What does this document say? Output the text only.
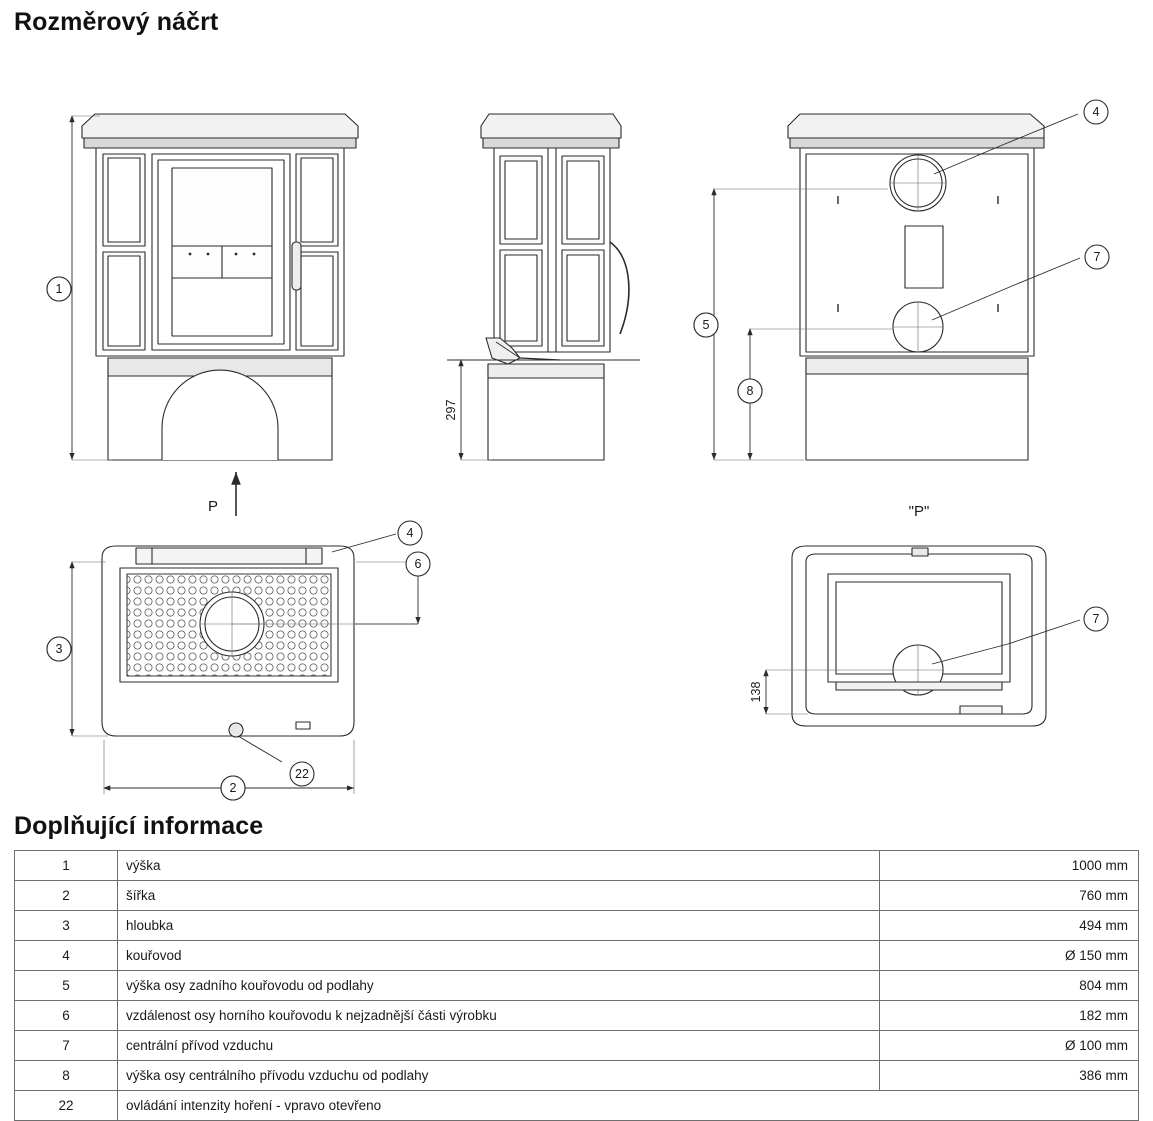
Rozměrový náčrt
1
2
3
4
4
5
6
7
7
8
22
P	"P"
297
138
Doplňující informace
1	výška	1000 mm
2	šířka	760 mm
3	hloubka	494 mm
4	kouřovod	Ø 150 mm
5	výška osy zadního kouřovodu od podlahy	804 mm
6	vzdálenost osy horního kouřovodu k nejzadnější části výrobku	182 mm
7	centrální přívod vzduchu	Ø 100 mm
8	výška osy centrálního přívodu vzduchu od podlahy	386 mm
22	ovládání intenzity hoření - vpravo otevřeno	
